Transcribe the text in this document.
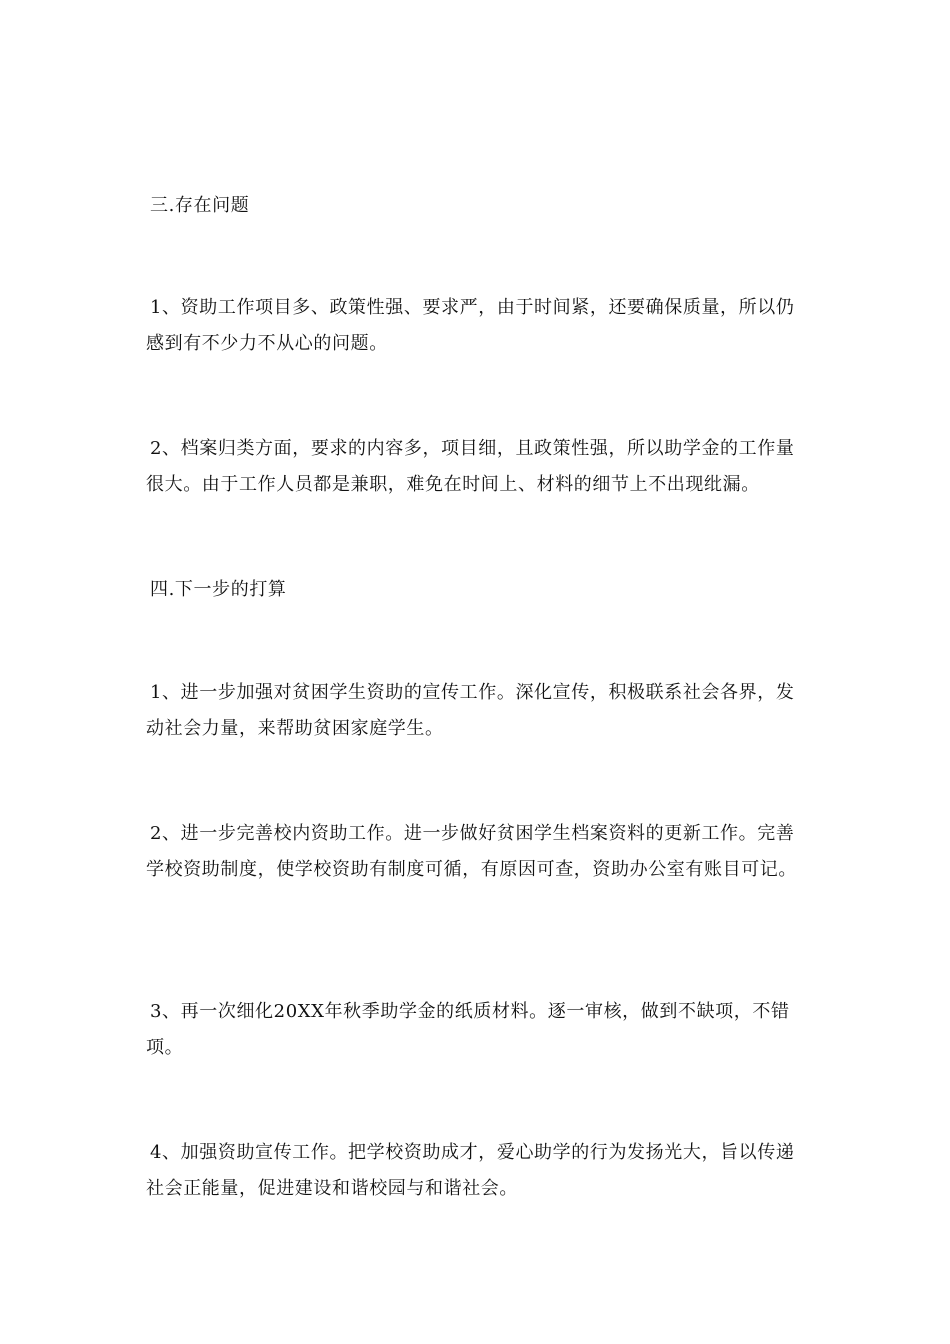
三.存在问题
1、资助工作项目多、政策性强、要求严，由于时间紧，还要确保质量，所以仍感到有不少力不从心的问题。
2、档案归类方面，要求的内容多，项目细，且政策性强，所以助学金的工作量很大。由于工作人员都是兼职，难免在时间上、材料的细节上不出现纰漏。
四.下一步的打算
1、进一步加强对贫困学生资助的宣传工作。深化宣传，积极联系社会各界，发动社会力量，来帮助贫困家庭学生。
2、进一步完善校内资助工作。进一步做好贫困学生档案资料的更新工作。完善学校资助制度，使学校资助有制度可循，有原因可查，资助办公室有账目可记。
3、再一次细化20XX年秋季助学金的纸质材料。逐一审核，做到不缺项，不错项。
4、加强资助宣传工作。把学校资助成才，爱心助学的行为发扬光大，旨以传递社会正能量，促进建设和谐校园与和谐社会。
